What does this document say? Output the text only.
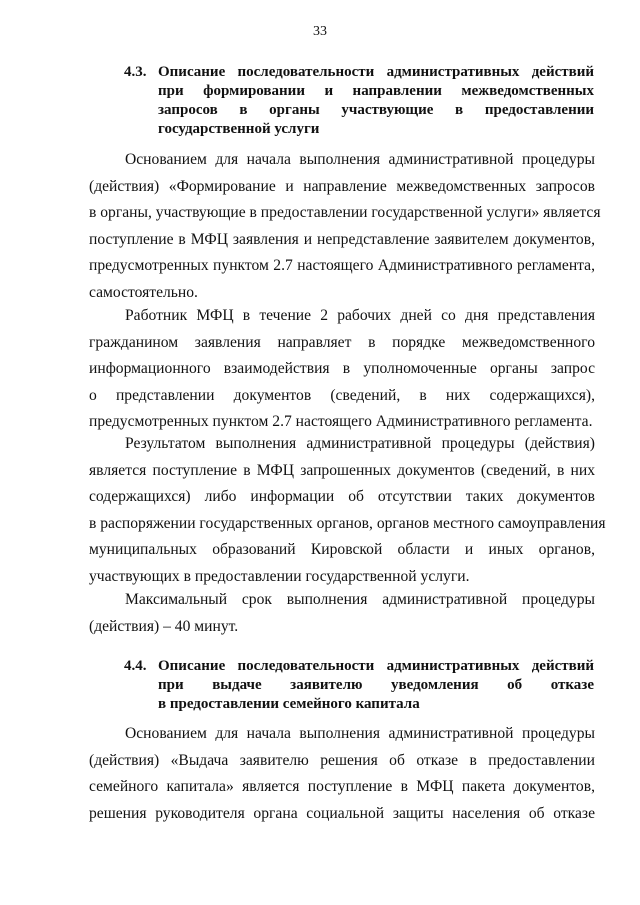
33
4.3. Описание последовательности административных действий
при формировании и направлении межведомственных
запросов в органы участвующие в предоставлении
государственной услуги
Основанием для начала выполнения административной процедуры
(действия) «Формирование и направление межведомственных запросов
в органы, участвующие в предоставлении государственной услуги» является
поступление в МФЦ заявления и непредставление заявителем документов,
предусмотренных пунктом 2.7 настоящего Административного регламента,
самостоятельно.
Работник МФЦ в течение 2 рабочих дней со дня представления
гражданином заявления направляет в порядке межведомственного
информационного взаимодействия в уполномоченные органы запрос
о представлении документов (сведений, в них содержащихся),
предусмотренных пунктом 2.7 настоящего Административного регламента.
Результатом выполнения административной процедуры (действия)
является поступление в МФЦ запрошенных документов (сведений, в них
содержащихся) либо информации об отсутствии таких документов
в распоряжении государственных органов, органов местного самоуправления
муниципальных образований Кировской области и иных органов,
участвующих в предоставлении государственной услуги.
Максимальный срок выполнения административной процедуры
(действия) – 40 минут.
4.4. Описание последовательности административных действий
при выдаче заявителю уведомления об отказе
в предоставлении семейного капитала
Основанием для начала выполнения административной процедуры
(действия) «Выдача заявителю решения об отказе в предоставлении
семейного капитала» является поступление в МФЦ пакета документов,
решения руководителя органа социальной защиты населения об отказе
